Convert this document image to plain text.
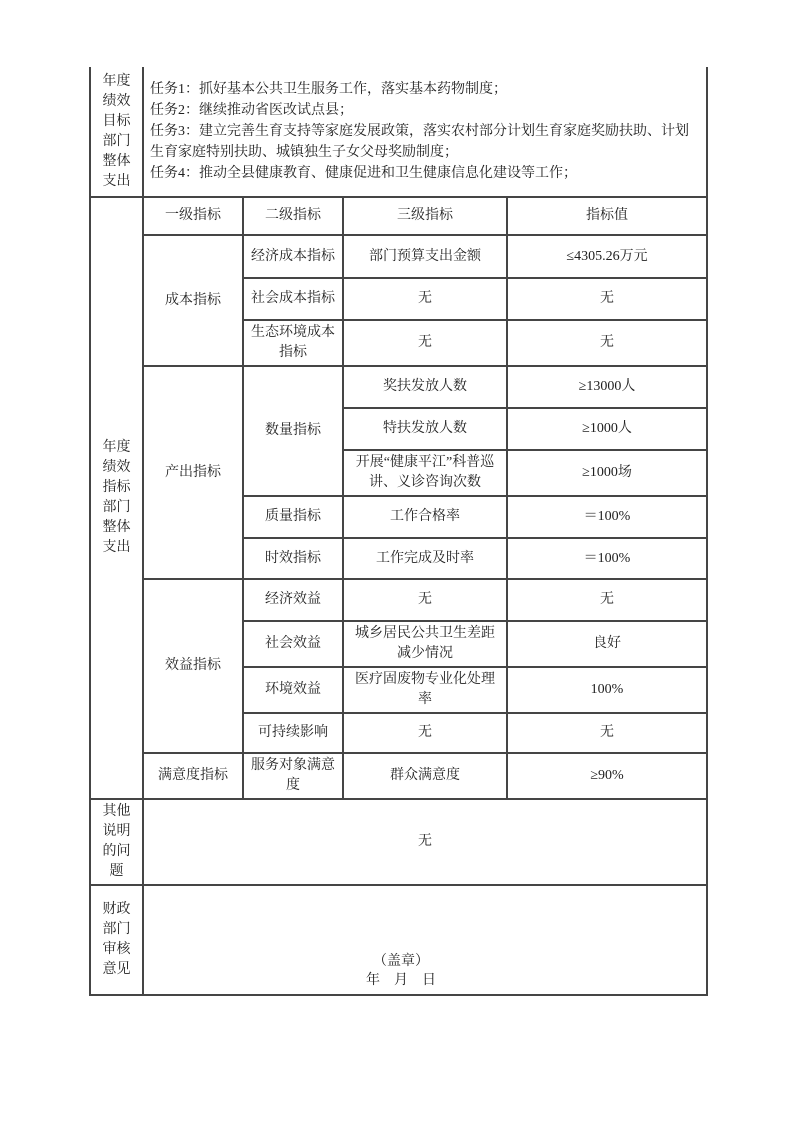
年度绩效目标部门整体支出	任务1：抓好基本公共卫生服务工作，落实基本药物制度；
任务2：继续推动省医改试点县；
任务3：建立完善生育支持等家庭发展政策，落实农村部分计划生育家庭奖励扶助、计划生育家庭特别扶助、城镇独生子女父母奖励制度；
任务4：推动全县健康教育、健康促进和卫生健康信息化建设等工作；			

年度绩效指标部门整体支出	一级指标	二级指标	三级指标	指标值
	成本指标	经济成本指标	部门预算支出金额	≤4305.26万元
		社会成本指标	无	无
		生态环境成本指标	无	无
	产出指标	数量指标	奖扶发放人数	≥13000人
			特扶发放人数	≥1000人
			开展“健康平江”科普巡讲、义诊咨询次数	≥1000场
		质量指标	工作合格率	＝100%
		时效指标	工作完成及时率	＝100%
	效益指标	经济效益	无	无
		社会效益	城乡居民公共卫生差距减少情况	良好
		环境效益	医疗固废物专业化处理率	100%
		可持续影响	无	无
	满意度指标	服务对象满意度	群众满意度	≥90%
其他说明的问题	无			

财政部门
审核意见

（盖章）
年　月　日
